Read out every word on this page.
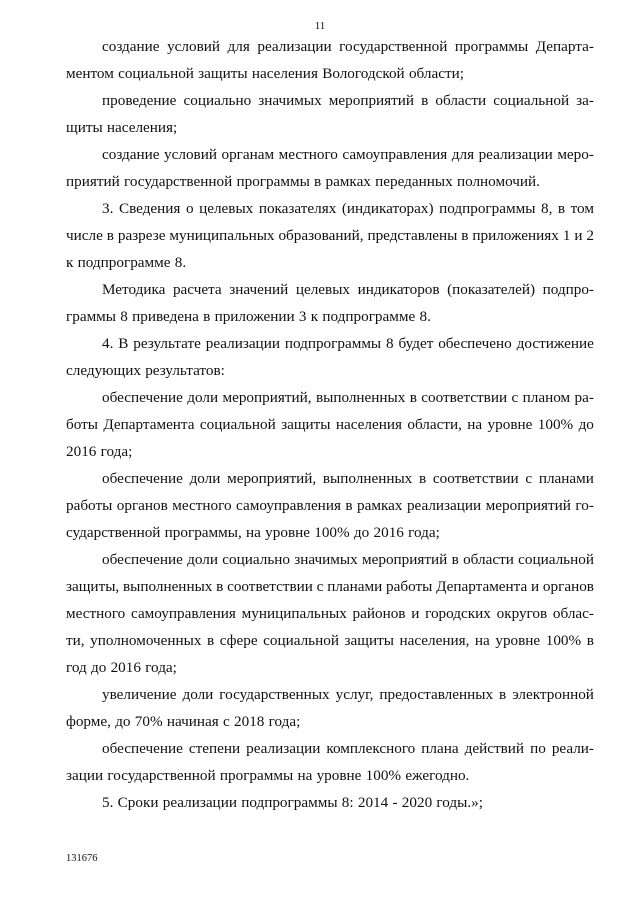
11
создание условий для реализации государственной программы Департа-
ментом социальной защиты населения Вологодской области;
проведение социально значимых мероприятий в области социальной за-
щиты населения;
создание условий органам местного самоуправления для реализации меро-
приятий государственной программы в рамках переданных полномочий.
3. Сведения о целевых показателях (индикаторах) подпрограммы 8, в том
числе в разрезе муниципальных образований, представлены в приложениях 1 и 2
к подпрограмме 8.
Методика расчета значений целевых индикаторов (показателей) подпро-
граммы 8 приведена в приложении 3 к подпрограмме 8.
4. В результате реализации подпрограммы 8 будет обеспечено достижение
следующих результатов:
обеспечение доли мероприятий, выполненных в соответствии с планом ра-
боты Департамента социальной защиты населения области, на уровне 100% до
2016 года;
обеспечение доли мероприятий, выполненных в соответствии с планами
работы органов местного самоуправления в рамках реализации мероприятий го-
сударственной программы, на уровне 100% до 2016 года;
обеспечение доли социально значимых мероприятий в области социальной
защиты, выполненных в соответствии с планами работы Департамента и органов
местного самоуправления муниципальных районов и городских округов облас-
ти, уполномоченных в сфере социальной защиты населения, на уровне 100% в
год до 2016 года;
увеличение доли государственных услуг, предоставленных в электронной
форме, до 70% начиная с 2018 года;
обеспечение степени реализации комплексного плана действий по реали-
зации государственной программы на уровне 100% ежегодно.
5. Сроки реализации подпрограммы 8: 2014 - 2020 годы.»;
131676
